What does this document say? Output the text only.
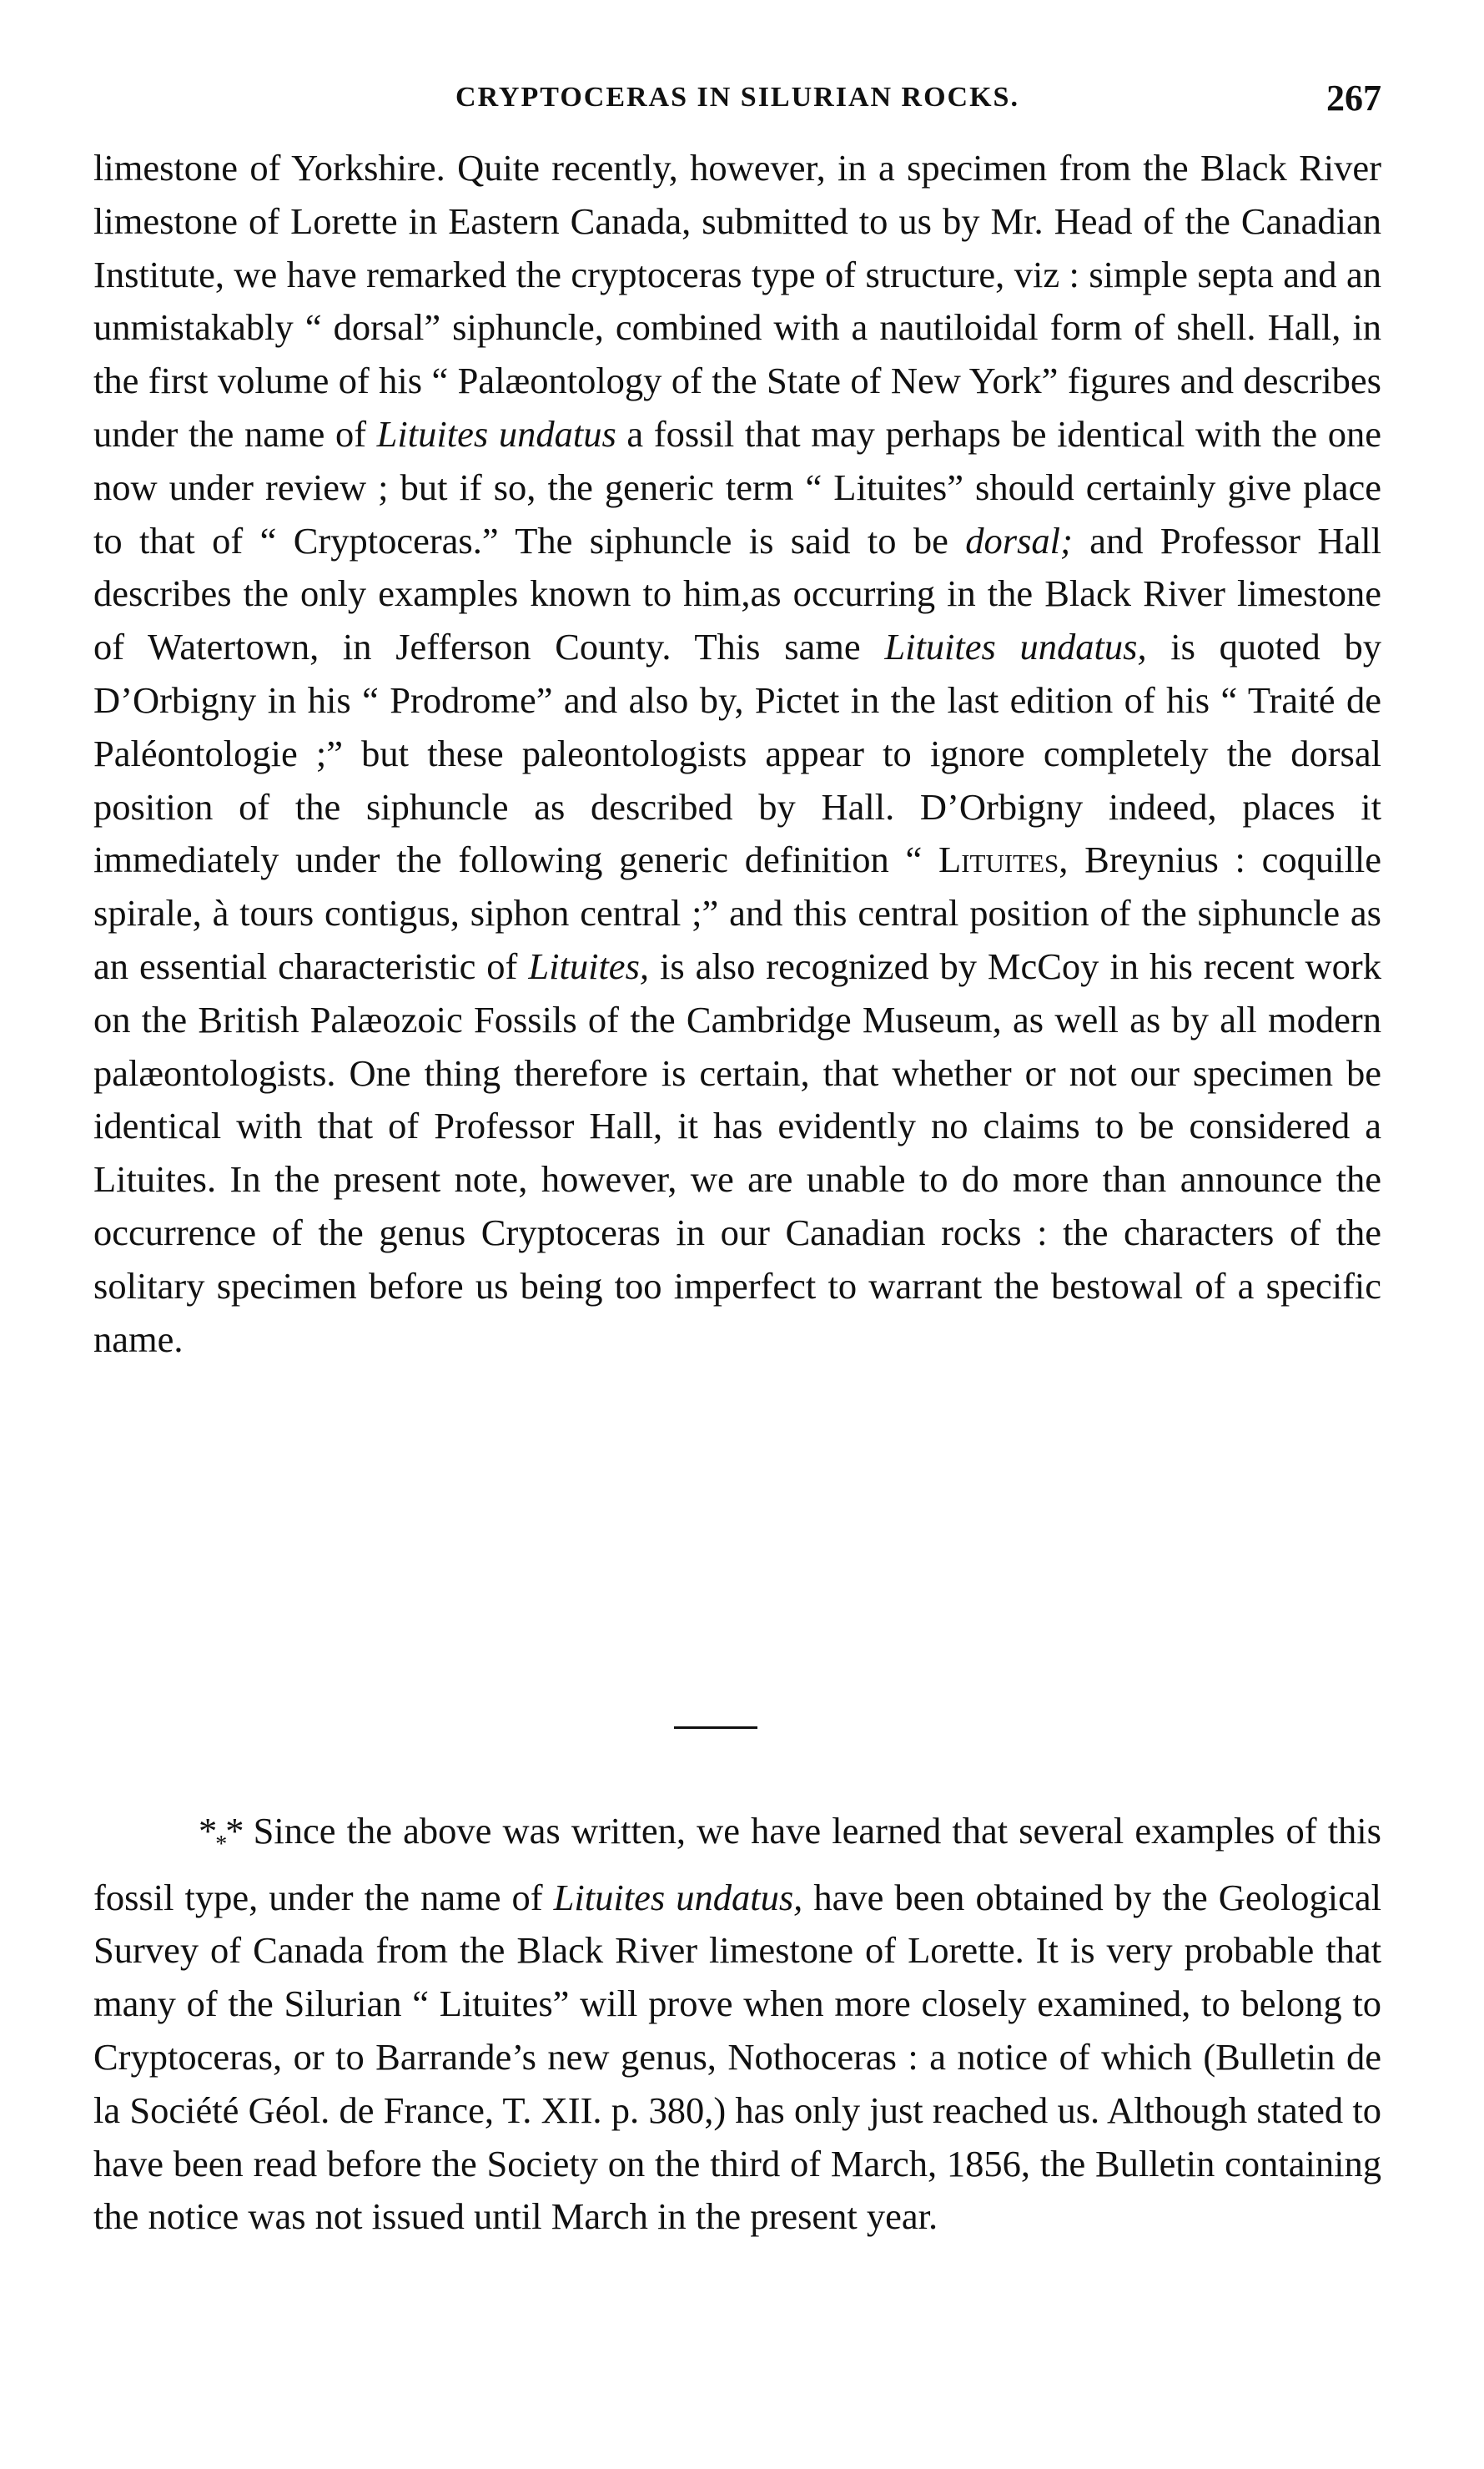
CRYPTOCERAS IN SILURIAN ROCKS.	267

limestone of Yorkshire. Quite recently, however, in a specimen from the Black River limestone of Lorette in Eastern Canada, submitted to us by Mr. Head of the Canadian Institute, we have remarked the cryptoceras type of structure, viz : simple septa and an unmistakably “ dorsal” siphuncle, combined with a nautiloidal form of shell. Hall, in the first volume of his “ Palæontology of the State of New York” figures and describes under the name of Lituites undatus a fossil that may perhaps be identical with the one now under review ; but if so, the generic term “ Lituites” should certainly give place to that of “ Cryptoceras.” The siphuncle is said to be dorsal; and Professor Hall describes the only examples known to him,as occurring in the Black River limestone of Watertown, in Jefferson County. This same Lituites undatus, is quoted by D’Orbigny in his “ Prodrome” and also by, Pictet in the last edition of his “ Traité de Paléontologie ;” but these paleontologists appear to ignore completely the dorsal position of the siphuncle as described by Hall. D’Orbigny indeed, places it immediately under the following generic definition “ Lituites, Breynius : coquille spirale, à tours contigus, siphon central ;” and this central position of the siphuncle as an essential characteristic of Lituites, is also recognized by McCoy in his recent work on the British Palæozoic Fossils of the Cambridge Museum, as well as by all modern palæontologists. One thing therefore is certain, that whether or not our specimen be identical with that of Professor Hall, it has evidently no claims to be considered a Lituites. In the present note, however, we are unable to do more than announce the occurrence of the genus Cryptoceras in our Canadian rocks : the characters of the solitary specimen before us being too imperfect to warrant the bestowal of a specific name.

$*_**$ Since the above was written, we have learned that several examples of this fossil type, under the name of Lituites undatus, have been obtained by the Geological Survey of Canada from the Black River limestone of Lorette. It is very probable that many of the Silurian “ Lituites” will prove when more closely examined, to belong to Cryptoceras, or to Barrande’s new genus, Nothoceras : a notice of which (Bulletin de la Société Géol. de France, T. XII. p. 380,) has only just reached us. Although stated to have been read before the Society on the third of March, 1856, the Bulletin containing the notice was not issued until March in the present year.
